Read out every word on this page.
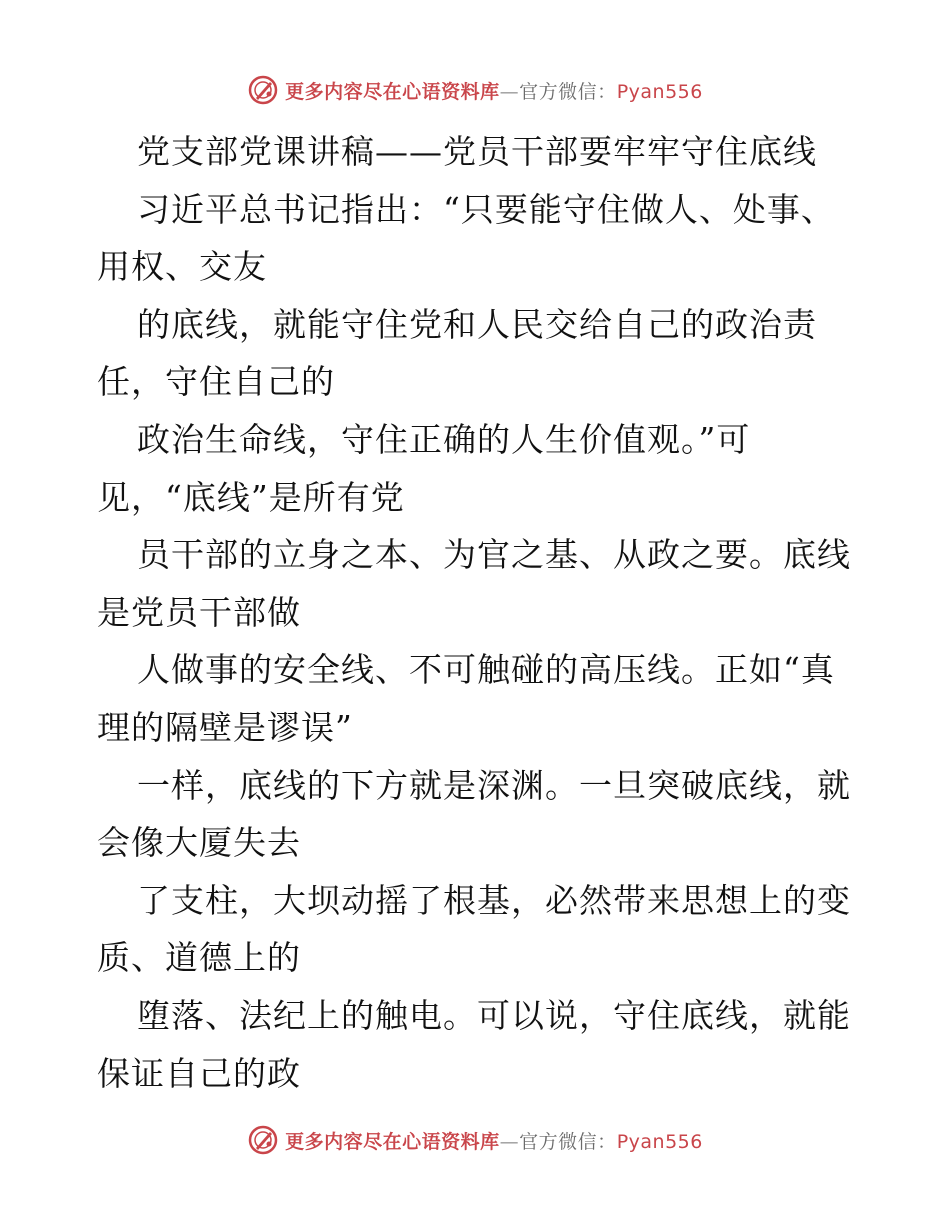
更多内容尽在心语资料库—官方微信：Pyan556
党支部党课讲稿——党员干部要牢牢守住底线
习近平总书记指出：“只要能守住做人、处事、
用权、交友
的底线，就能守住党和人民交给自己的政治责
任，守住自己的
政治生命线，守住正确的人生价值观。”可
见，“底线”是所有党
员干部的立身之本、为官之基、从政之要。底线
是党员干部做
人做事的安全线、不可触碰的高压线。正如“真
理的隔壁是谬误”
一样，底线的下方就是深渊。一旦突破底线，就
会像大厦失去
了支柱，大坝动摇了根基，必然带来思想上的变
质、道德上的
堕落、法纪上的触电。可以说，守住底线，就能
保证自己的政
更多内容尽在心语资料库—官方微信：Pyan556
